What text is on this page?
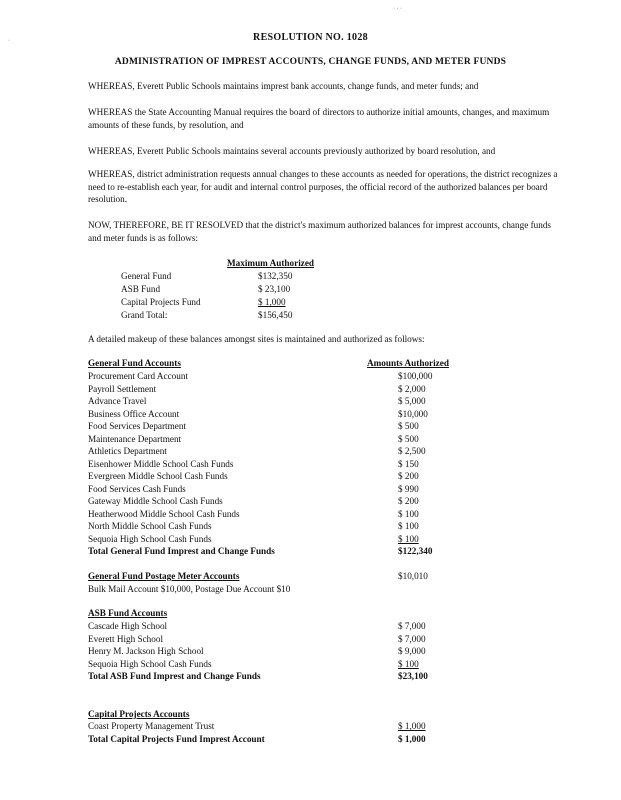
· · ·
·	RESOLUTION NO. 1028
ADMINISTRATION OF IMPREST ACCOUNTS, CHANGE FUNDS, AND METER FUNDS
WHEREAS, Everett Public Schools maintains imprest bank accounts, change funds, and meter funds; and
WHEREAS the State Accounting Manual requires the board of directors to authorize initial amounts, changes, and maximum amounts of these funds, by resolution, and
WHEREAS, Everett Public Schools maintains several accounts previously authorized by board resolution, and
WHEREAS, district administration requests annual changes to these accounts as needed for operations, the district recognizes a need to re-establish each year, for audit and internal control purposes, the official record of the authorized balances per board resolution.
NOW, THEREFORE, BE IT RESOLVED that the district's maximum authorized balances for imprest accounts, change funds and meter funds is as follows:
Maximum Authorized
General Fund	$132,350
ASB Fund	$ 23,100
Capital Projects Fund	$ 1,000
Grand Total:	$156,450
A detailed makeup of these balances amongst sites is maintained and authorized as follows:
General Fund Accounts	Amounts Authorized
Procurement Card Account	$100,000
Payroll Settlement	$ 2,000
Advance Travel	$ 5,000
Business Office Account	$10,000
Food Services Department	$ 500
Maintenance Department	$ 500
Athletics Department	$ 2,500
Eisenhower Middle School Cash Funds	$ 150
Evergreen Middle School Cash Funds	$ 200
Food Services Cash Funds	$ 990
Gateway Middle School Cash Funds	$ 200
Heatherwood Middle School Cash Funds	$ 100
North Middle School Cash Funds	$ 100
Sequoia High School Cash Funds	$ 100
Total General Fund Imprest and Change Funds	$122,340
General Fund Postage Meter Accounts	$10,010
Bulk Mail Account $10,000, Postage Due Account $10
ASB Fund Accounts
Cascade High School	$ 7,000
Everett High School	$ 7,000
Henry M. Jackson High School	$ 9,000
Sequoia High School Cash Funds	$ 100
Total ASB Fund Imprest and Change Funds	$23,100
Capital Projects Accounts
Coast Property Management Trust	$ 1,000
Total Capital Projects Fund Imprest Account	$ 1,000
